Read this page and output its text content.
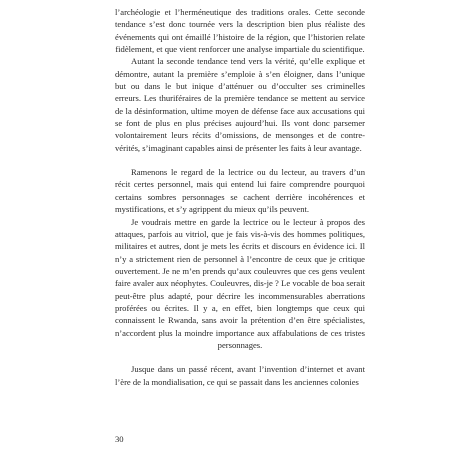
l’archéologie et l’herméneutique des traditions orales. Cette seconde tendance s’est donc tournée vers la description bien plus réaliste des événements qui ont émaillé l’histoire de la région, que l’historien relate fidèlement, et que vient renforcer une analyse impartiale du scientifique.

Autant la seconde tendance tend vers la vérité, qu’elle explique et démontre, autant la première s’emploie à s’en éloigner, dans l’unique but ou dans le but inique d’atténuer ou d’occulter ses criminelles erreurs. Les thuriféraires de la première tendance se mettent au service de la désinformation, ultime moyen de défense face aux accusations qui se font de plus en plus précises aujourd’hui. Ils vont donc parsemer volontairement leurs récits d’omissions, de mensonges et de contre-vérités, s’imaginant capables ainsi de présenter les faits à leur avantage.

Ramenons le regard de la lectrice ou du lecteur, au travers d’un récit certes personnel, mais qui entend lui faire comprendre pourquoi certains sombres personnages se cachent derrière incohérences et mystifications, et s’y agrippent du mieux qu’ils peuvent.

Je voudrais mettre en garde la lectrice ou le lecteur à propos des attaques, parfois au vitriol, que je fais vis-à-vis des hommes politiques, militaires et autres, dont je mets les écrits et discours en évidence ici. Il n’y a strictement rien de personnel à l’encontre de ceux que je critique ouvertement. Je ne m’en prends qu’aux couleuvres que ces gens veulent faire avaler aux néophytes. Couleuvres, dis-je ? Le vocable de boa serait peut-être plus adapté, pour décrire les incommensurables aberrations proférées ou écrites. Il y a, en effet, bien longtemps que ceux qui connaissent le Rwanda, sans avoir la prétention d’en être spécialistes, n’accordent plus la moindre importance aux affabulations de ces tristes personnages.

Jusque dans un passé récent, avant l’invention d’internet et avant l’ère de la mondialisation, ce qui se passait dans les anciennes colonies

30
